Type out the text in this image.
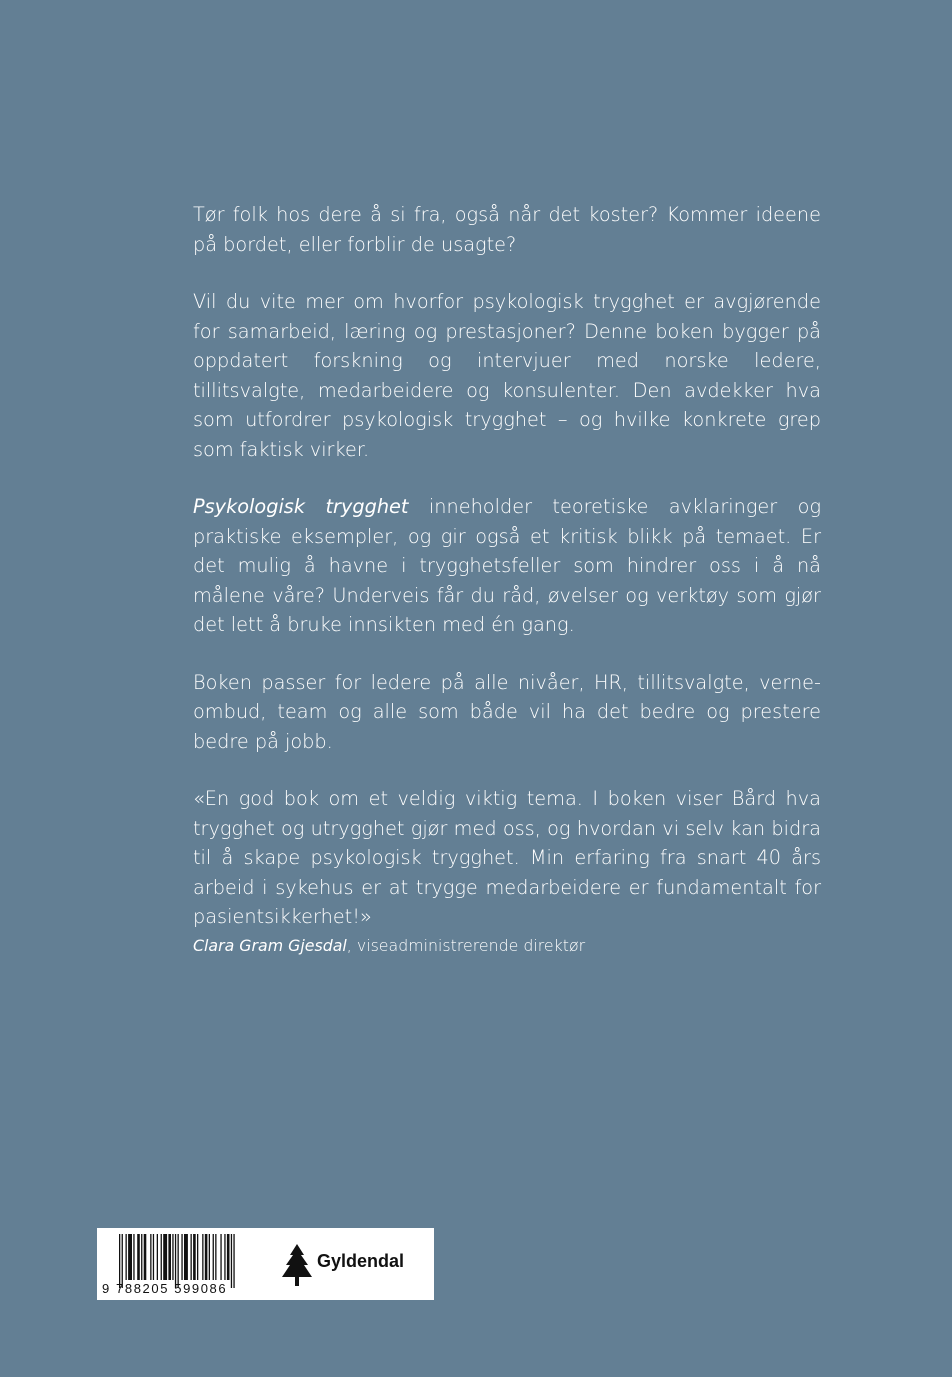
Tør folk hos dere å si fra, også når det koster? Kommer ideene på bordet, eller forblir de usagte?

Vil du vite mer om hvorfor psykologisk trygghet er avgjørende for samarbeid, læring og prestasjoner? Denne boken bygger på oppdatert forskning og intervjuer med norske ledere, tillitsvalgte, medarbeidere og konsulenter. Den avdekker hva som utfordrer psykologisk trygghet – og hvilke konkrete grep som faktisk virker.

Psykologisk trygghet inneholder teoretiske avklaringer og praktiske eksempler, og gir også et kritisk blikk på temaet. Er det mulig å havne i trygghetsfeller som hindrer oss i å nå målene våre? Underveis får du råd, øvelser og verktøy som gjør det lett å bruke innsikten med én gang.

Boken passer for ledere på alle nivåer, HR, tillitsvalgte, verne-ombud, team og alle som både vil ha det bedre og prestere bedre på jobb.

«En god bok om et veldig viktig tema. I boken viser Bård hva trygghet og utrygghet gjør med oss, og hvordan vi selv kan bidra til å skape psykologisk trygghet. Min erfaring fra snart 40 års arbeid i sykehus er at trygge medarbeidere er fundamentalt for pasientsikkerhet!»

Clara Gram Gjesdal, viseadministrerende direktør

9 788205 599086
Gyldendal
